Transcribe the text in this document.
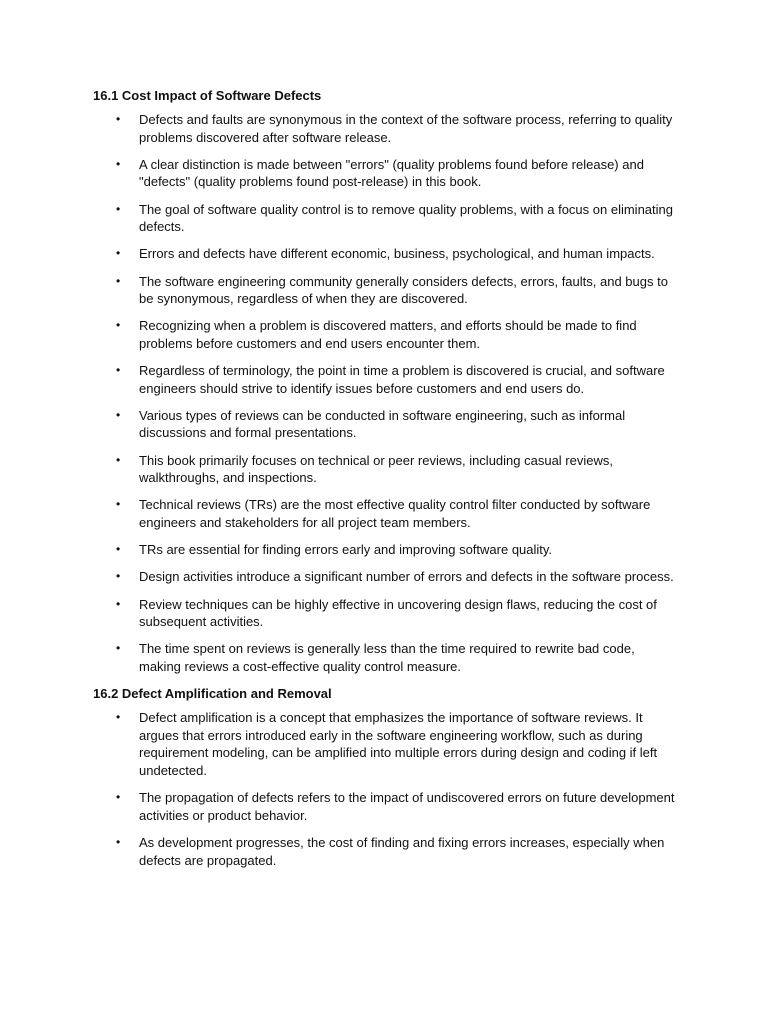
16.1 Cost Impact of Software Defects
• Defects and faults are synonymous in the context of the software process, referring to quality problems discovered after software release.
• A clear distinction is made between "errors" (quality problems found before release) and "defects" (quality problems found post-release) in this book.
• The goal of software quality control is to remove quality problems, with a focus on eliminating defects.
• Errors and defects have different economic, business, psychological, and human impacts.
• The software engineering community generally considers defects, errors, faults, and bugs to be synonymous, regardless of when they are discovered.
• Recognizing when a problem is discovered matters, and efforts should be made to find problems before customers and end users encounter them.
• Regardless of terminology, the point in time a problem is discovered is crucial, and software engineers should strive to identify issues before customers and end users do.
• Various types of reviews can be conducted in software engineering, such as informal discussions and formal presentations.
• This book primarily focuses on technical or peer reviews, including casual reviews, walkthroughs, and inspections.
• Technical reviews (TRs) are the most effective quality control filter conducted by software engineers and stakeholders for all project team members.
• TRs are essential for finding errors early and improving software quality.
• Design activities introduce a significant number of errors and defects in the software process.
• Review techniques can be highly effective in uncovering design flaws, reducing the cost of subsequent activities.
• The time spent on reviews is generally less than the time required to rewrite bad code, making reviews a cost-effective quality control measure.
16.2 Defect Amplification and Removal
• Defect amplification is a concept that emphasizes the importance of software reviews. It argues that errors introduced early in the software engineering workflow, such as during requirement modeling, can be amplified into multiple errors during design and coding if left undetected.
• The propagation of defects refers to the impact of undiscovered errors on future development activities or product behavior.
• As development progresses, the cost of finding and fixing errors increases, especially when defects are propagated.
